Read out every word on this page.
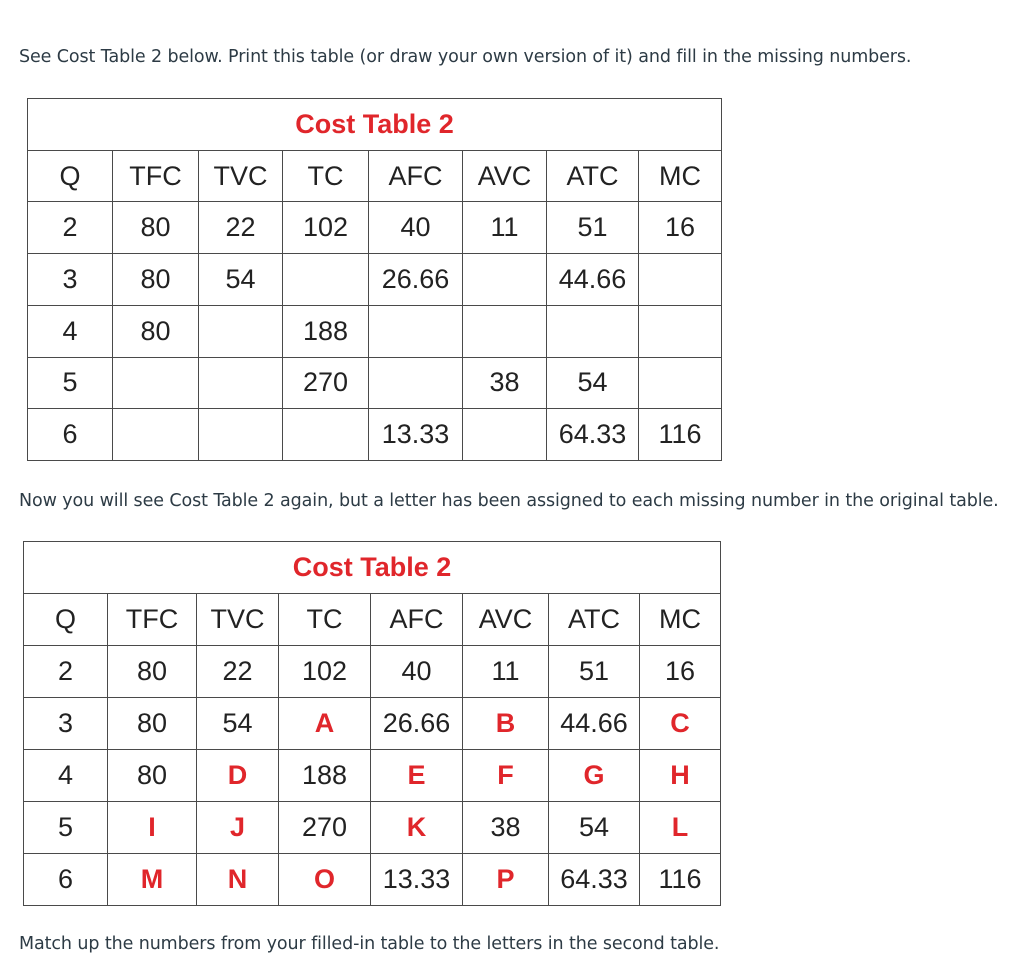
See Cost Table 2 below. Print this table (or draw your own version of it) and fill in the missing numbers.
Cost Table 2							
Q	TFC	TVC	TC	AFC	AVC	ATC	MC
2	80	22	102	40	11	51	16
3	80	54		26.66		44.66	
4	80		188				
5			270		38	54	
6				13.33		64.33	116
Now you will see Cost Table 2 again, but a letter has been assigned to each missing number in the original table.
Cost Table 2							
Q	TFC	TVC	TC	AFC	AVC	ATC	MC
2	80	22	102	40	11	51	16
3	80	54	A	26.66	B	44.66	C
4	80	D	188	E	F	G	H
5	I	J	270	K	38	54	L
6	M	N	O	13.33	P	64.33	116
Match up the numbers from your filled-in table to the letters in the second table.
